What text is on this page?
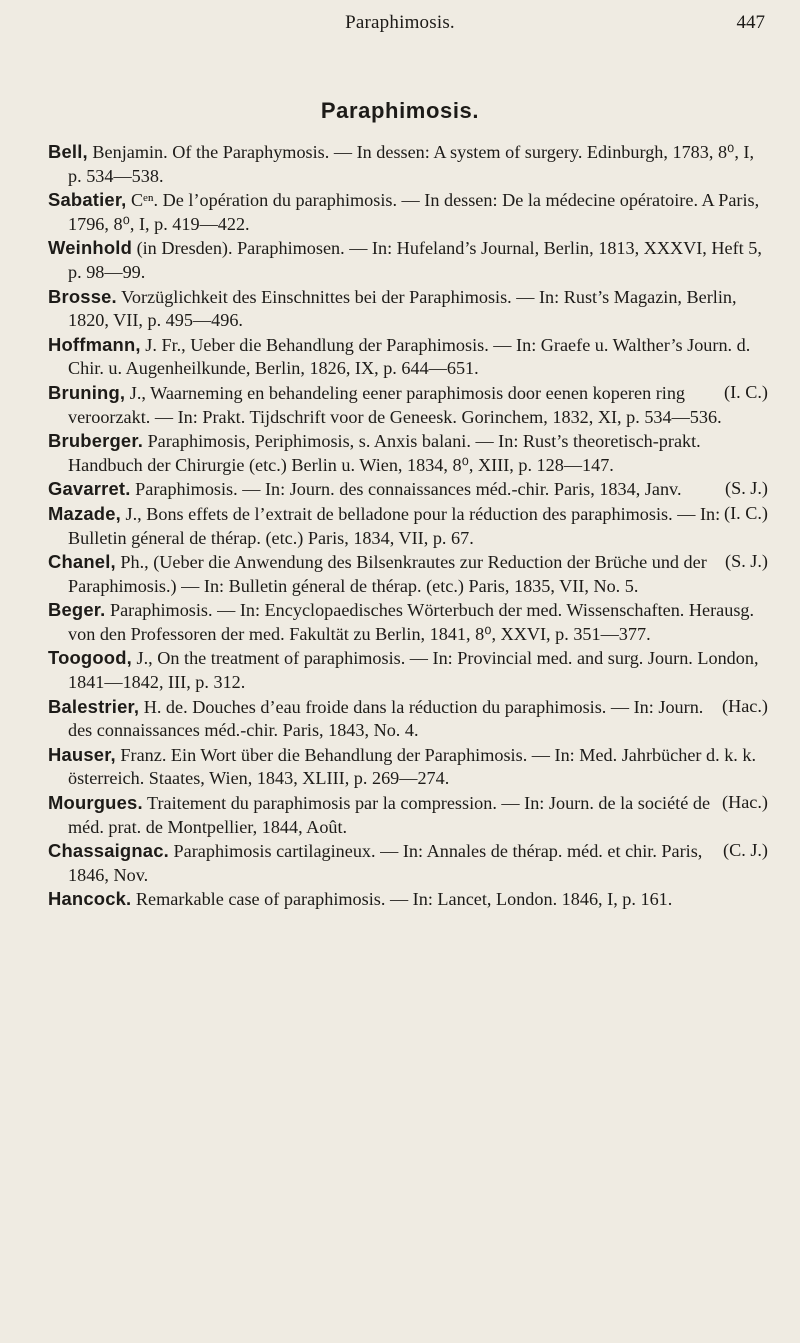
Paraphimosis.	447
Paraphimosis.

Bell, Benjamin. Of the Paraphymosis. — In dessen: A system of surgery. Edinburgh, 1783, 8⁰, I, p. 534—538.

Sabatier, Cᵉⁿ. De l’opération du paraphimosis. — In dessen: De la médecine opératoire. A Paris, 1796, 8⁰, I, p. 419—422.

Weinhold (in Dresden). Paraphimosen. — In: Hufeland’s Journal, Berlin, 1813, XXXVI, Heft 5, p. 98—99.

Brosse. Vorzüglichkeit des Einschnittes bei der Paraphimosis. — In: Rust’s Magazin, Berlin, 1820, VII, p. 495—496.

Hoffmann, J. Fr., Ueber die Behandlung der Paraphimosis. — In: Graefe u. Walther’s Journ. d. Chir. u. Augenheilkunde, Berlin, 1826, IX, p. 644—651.

(I. C.)
Bruning, J., Waarneming en behandeling eener paraphimosis door eenen koperen ring veroorzakt. — In: Prakt. Tijdschrift voor de Geneesk. Gorinchem, 1832, XI, p. 534—536.

Bruberger. Paraphimosis, Periphimosis, s. Anxis balani. — In: Rust’s theoretisch-prakt. Handbuch der Chirurgie (etc.) Berlin u. Wien, 1834, 8⁰, XIII, p. 128—147.

(S. J.)
Gavarret. Paraphimosis. — In: Journ. des connaissances méd.-chir. Paris, 1834, Janv.

(I. C.)
Mazade, J., Bons effets de l’extrait de belladone pour la réduction des paraphimosis. — In: Bulletin géneral de thérap. (etc.) Paris, 1834, VII, p. 67.

(S. J.)
Chanel, Ph., (Ueber die Anwendung des Bilsenkrautes zur Reduction der Brüche und der Paraphimosis.) — In: Bulletin géneral de thérap. (etc.) Paris, 1835, VII, No. 5.

Beger. Paraphimosis. — In: Encyclopaedisches Wörterbuch der med. Wissenschaften. Herausg. von den Professoren der med. Fakultät zu Berlin, 1841, 8⁰, XXVI, p. 351—377.

Toogood, J., On the treatment of paraphimosis. — In: Provincial med. and surg. Journ. London, 1841—1842, III, p. 312.

(Hac.)
Balestrier, H. de. Douches d’eau froide dans la réduction du paraphimosis. — In: Journ. des connaissances méd.-chir. Paris, 1843, No. 4.

Hauser, Franz. Ein Wort über die Behandlung der Paraphimosis. — In: Med. Jahrbücher d. k. k. österreich. Staates, Wien, 1843, XLIII, p. 269—274.

(Hac.)
Mourgues. Traitement du paraphimosis par la compression. — In: Journ. de la société de méd. prat. de Montpellier, 1844, Août.

(C. J.)
Chassaignac. Paraphimosis cartilagineux. — In: Annales de thérap. méd. et chir. Paris, 1846, Nov.

Hancock. Remarkable case of paraphimosis. — In: Lancet, London. 1846, I, p. 161.
